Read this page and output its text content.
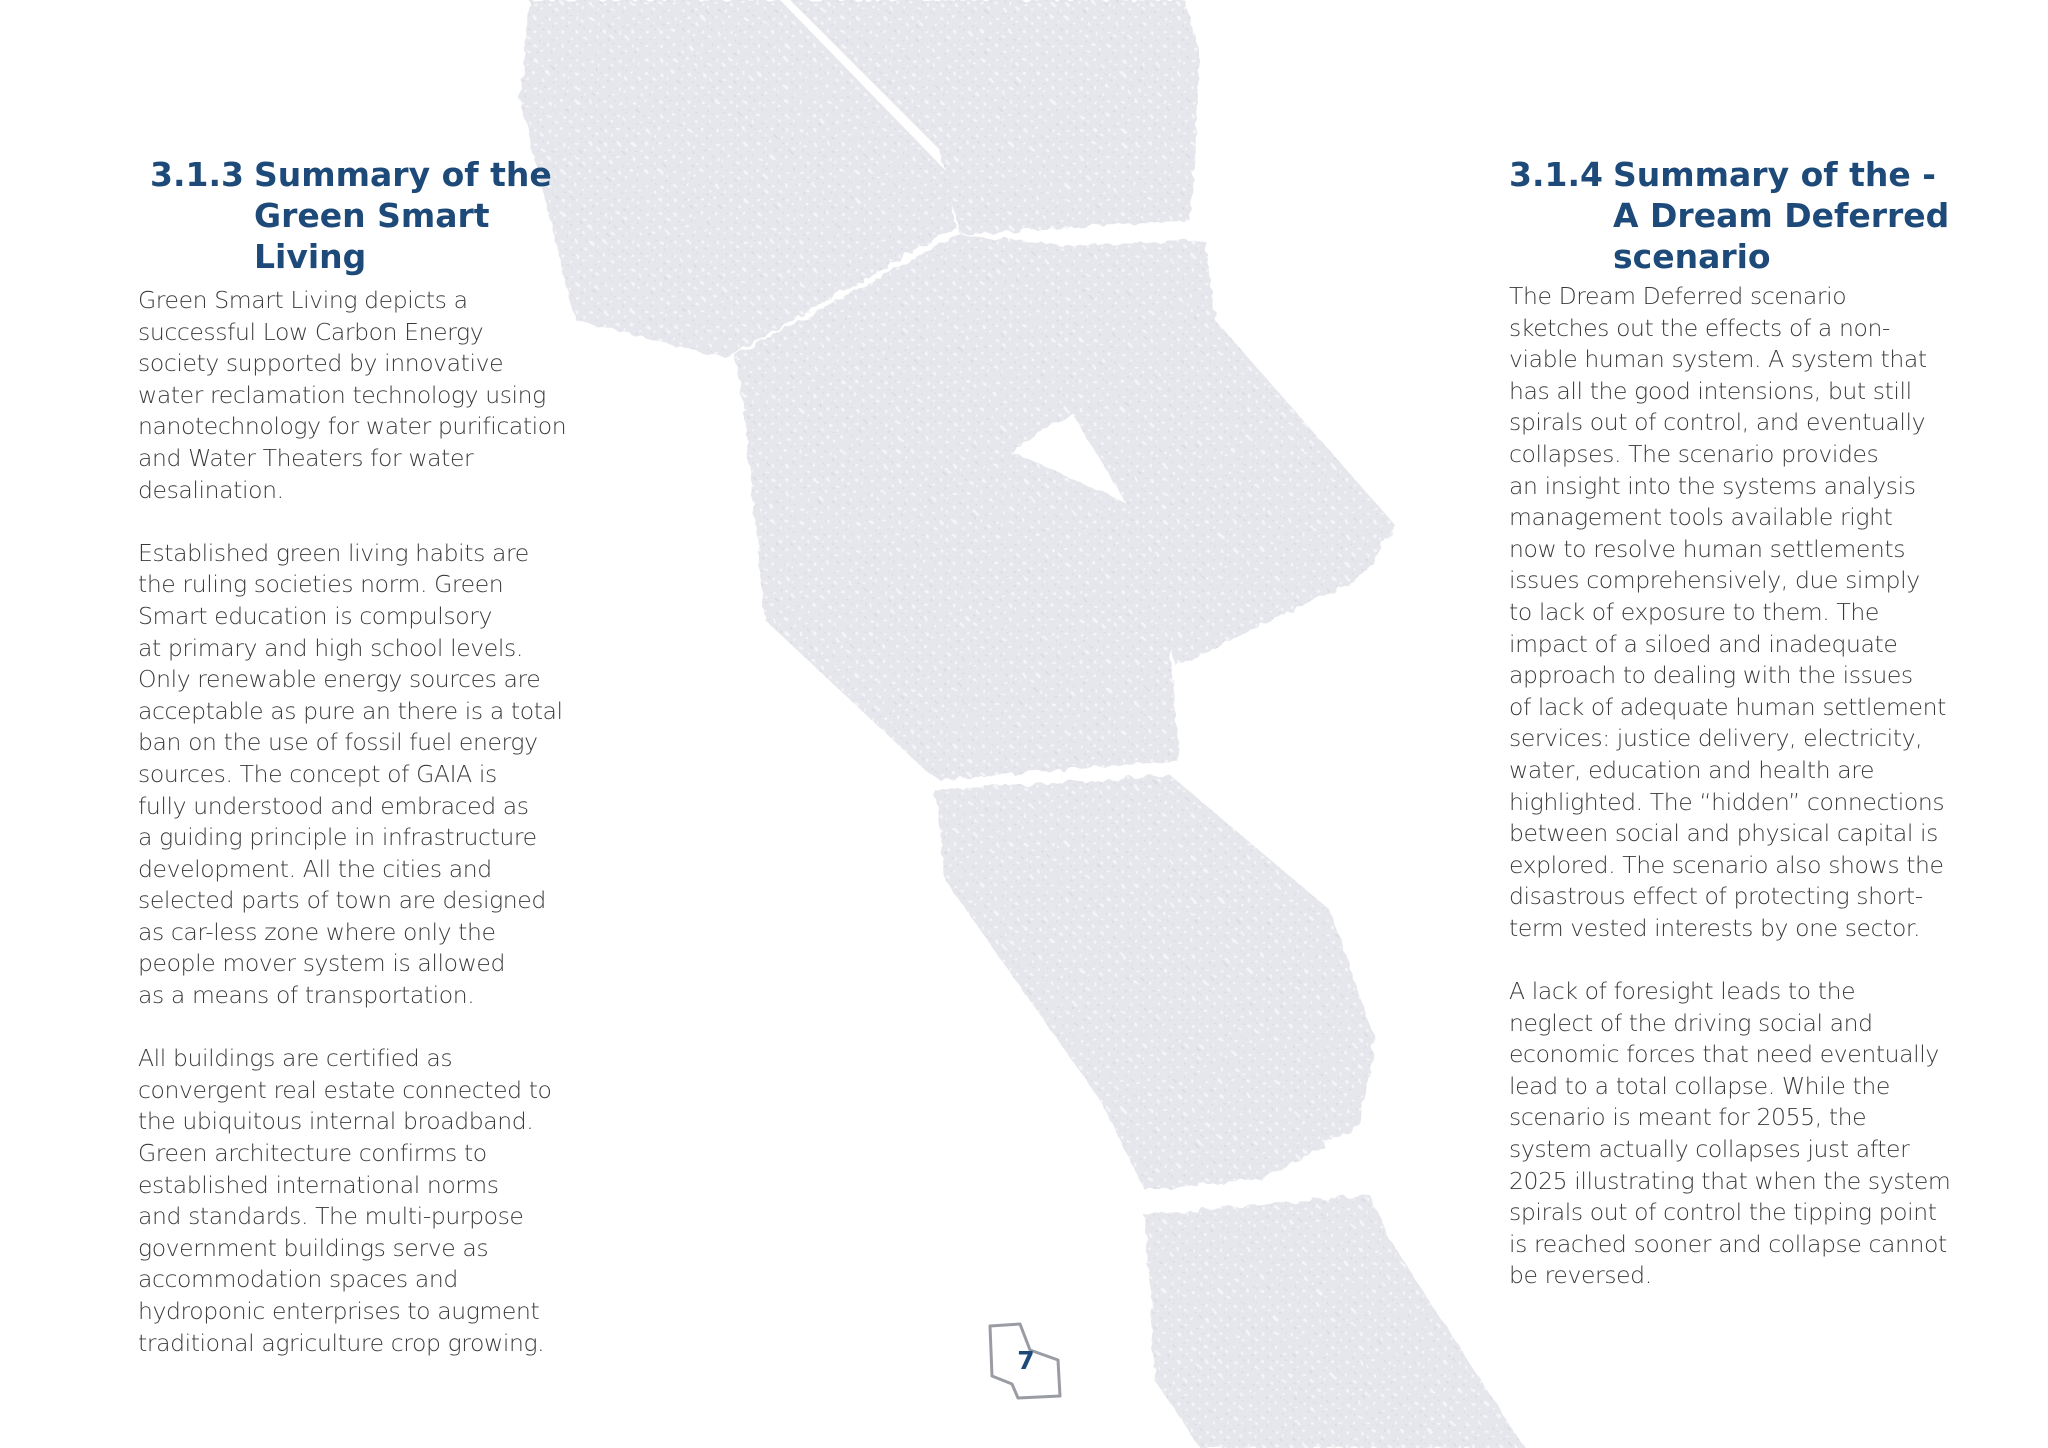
3.1.3 Summary of the
Green Smart Living

Green Smart Living depicts a
successful Low Carbon Energy
society supported by innovative
water reclamation technology using
nanotechnology for water purification
and Water Theaters for water
desalination.

Established green living habits are
the ruling societies norm. Green
Smart education is compulsory
at primary and high school levels.
Only renewable energy sources are
acceptable as pure an there is a total
ban on the use of fossil fuel energy
sources. The concept of GAIA is
fully understood and embraced as
a guiding principle in infrastructure
development. All the cities and
selected parts of town are designed
as car-less zone where only the
people mover system is allowed
as a means of transportation.

All buildings are certified as
convergent real estate connected to
the ubiquitous internal broadband.
Green architecture confirms to
established international norms
and standards. The multi-purpose
government buildings serve as
accommodation spaces and
hydroponic enterprises to augment
traditional agriculture crop growing.

3.1.4 Summary of the -
A Dream Deferred
scenario

The Dream Deferred scenario
sketches out the effects of a non-
viable human system. A system that
has all the good intensions, but still
spirals out of control, and eventually
collapses. The scenario provides
an insight into the systems analysis
management tools available right
now to resolve human settlements
issues comprehensively, due simply
to lack of exposure to them. The
impact of a siloed and inadequate
approach to dealing with the issues
of lack of adequate human settlement
services: justice delivery, electricity,
water, education and health are
highlighted. The “hidden” connections
between social and physical capital is
explored. The scenario also shows the
disastrous effect of protecting short-
term vested interests by one sector.

A lack of foresight leads to the
neglect of the driving social and
economic forces that need eventually
lead to a total collapse. While the
scenario is meant for 2055, the
system actually collapses just after
2025 illustrating that when the system
spirals out of control the tipping point
is reached sooner and collapse cannot
be reversed.

7
